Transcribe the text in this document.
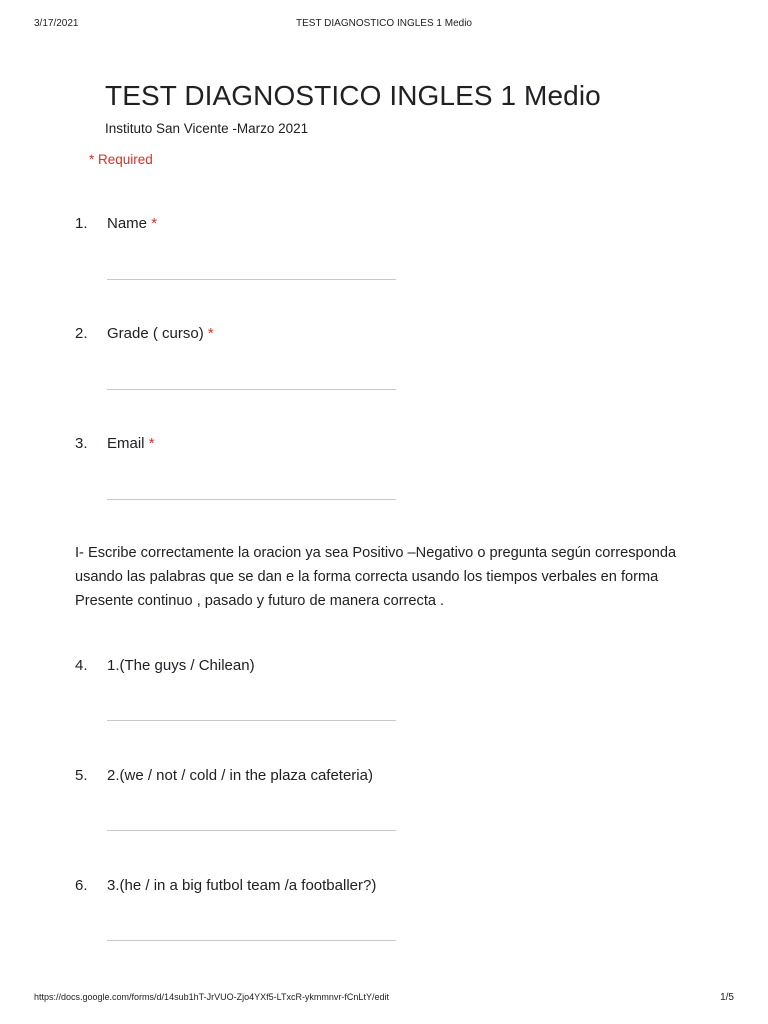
3/17/2021	TEST DIAGNOSTICO INGLES 1 Medio
TEST DIAGNOSTICO INGLES 1 Medio
Instituto San Vicente -Marzo 2021
* Required
1. Name *
2. Grade ( curso) *
3. Email *

I- Escribe correctamente la oracion ya sea Positivo –Negativo o pregunta según corresponda usando las palabras que se dan e la forma correcta usando los tiempos verbales en forma Presente continuo , pasado y futuro de manera correcta .

4. 1.(The guys / Chilean)
5. 2.(we / not / cold / in the plaza cafeteria)
6. 3.(he / in a big futbol team /a footballer?)
https://docs.google.com/forms/d/14sub1hT-JrVUO-Zjo4YXf5-LTxcR-ykmmnvr-fCnLtY/edit	1/5
